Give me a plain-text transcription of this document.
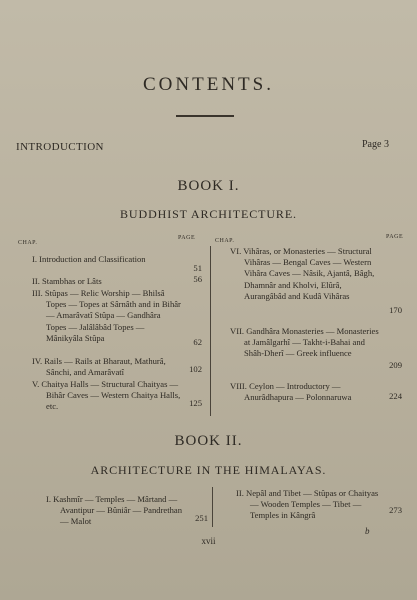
CONTENTS.
INTRODUCTION	Page 3
BOOK I.
BUDDHIST ARCHITECTURE.
CHAP.
PAGE	CHAP.
PAGE
I. Introduction and Classification
51
II. Stambhas or Lâts	56
III. Stûpas — Relic Worship — Bhilsâ Topes — Topes at Sârnâth and in Bihâr — Amarâvatî Stûpa — Gandhâra Topes — Jalâlâbâd Topes — Mânikyâla Stûpa	62
IV. Rails — Rails at Bharaut, Mathurâ, Sânchi, and Amarâvatî	102
V. Chaitya Halls — Structural Chaityas — Bihâr Caves — Western Chaitya Halls, etc.	125
VI. Vihâras, or Monasteries — Structural Vihâras — Bengal Caves — Western Vihâra Caves — Nâsik, Ajantâ, Bâgh, Dhamnâr and Kholvi, Elûrâ, Aurangâbâd and Kudâ Vihâras
170
VII. Gandhâra Monasteries — Monasteries at Jamâlgarhî — Takht-i-Bahai and Shâh-Dherî — Greek influence
209
VIII. Ceylon — Introductory — Anurâdhapura — Polonnaruwa	224
BOOK II.
ARCHITECTURE IN THE HIMALAYAS.
I. Kashmîr — Temples — Mârtand — Avantipur — Bûniâr — Pandrethan — Malot	251
II. Nepâl and Tibet — Stûpas or Chaityas — Wooden Temples — Tibet — Temples in Kângrâ
273
xvii
b
